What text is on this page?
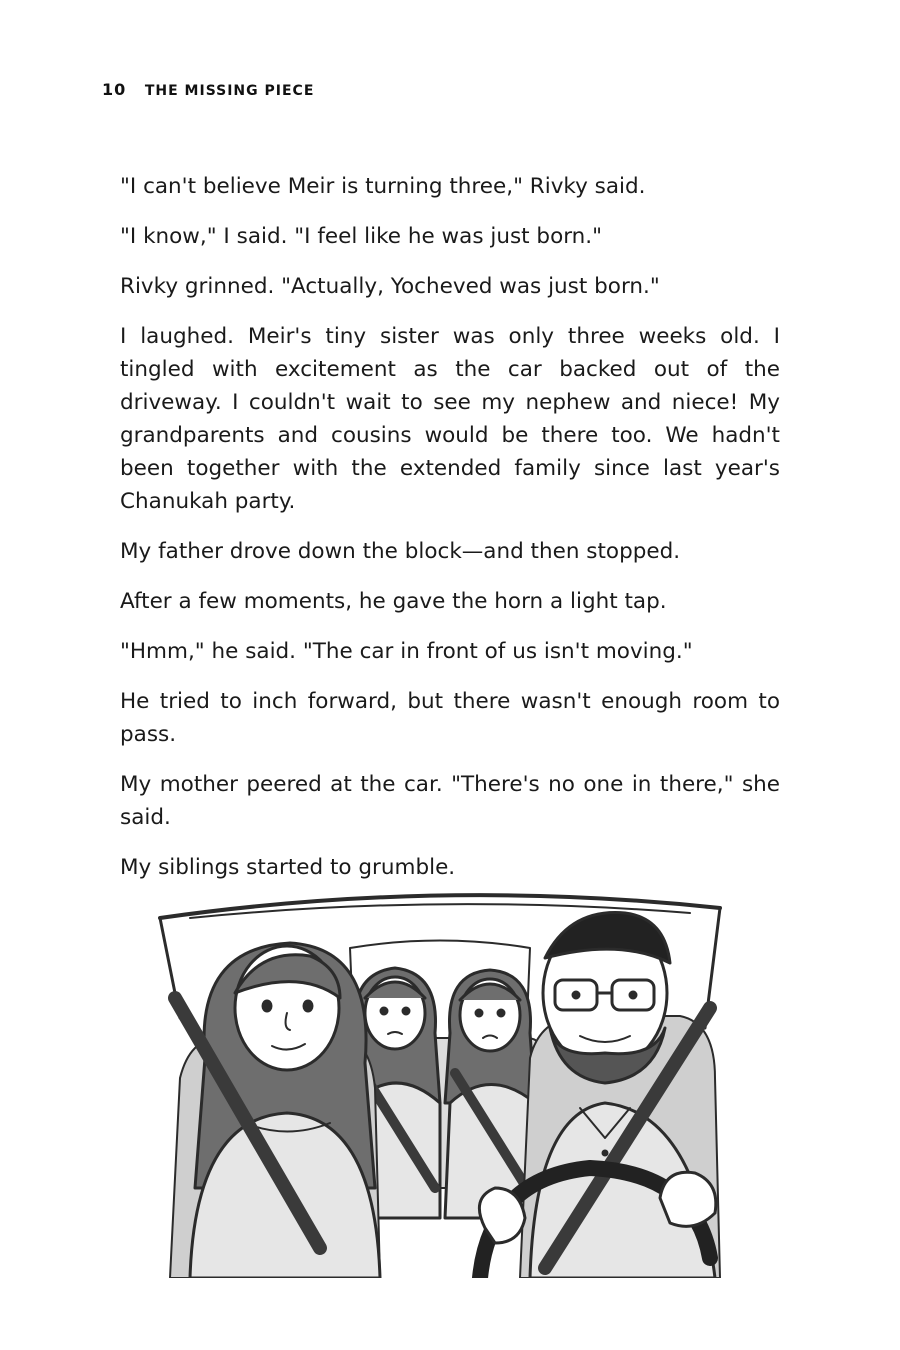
10 THE MISSING PIECE

"I can't believe Meir is turning three," Rivky said.

"I know," I said. "I feel like he was just born."

Rivky grinned. "Actually, Yocheved was just born."

I laughed. Meir's tiny sister was only three weeks old. I tingled with excitement as the car backed out of the driveway. I couldn't wait to see my nephew and niece! My grandparents and cousins would be there too. We hadn't been together with the extended family since last year's Chanukah party.

My father drove down the block—and then stopped.

After a few moments, he gave the horn a light tap.

"Hmm," he said. "The car in front of us isn't moving."

He tried to inch forward, but there wasn't enough room to pass.

My mother peered at the car. "There's no one in there," she said.

My siblings started to grumble.
